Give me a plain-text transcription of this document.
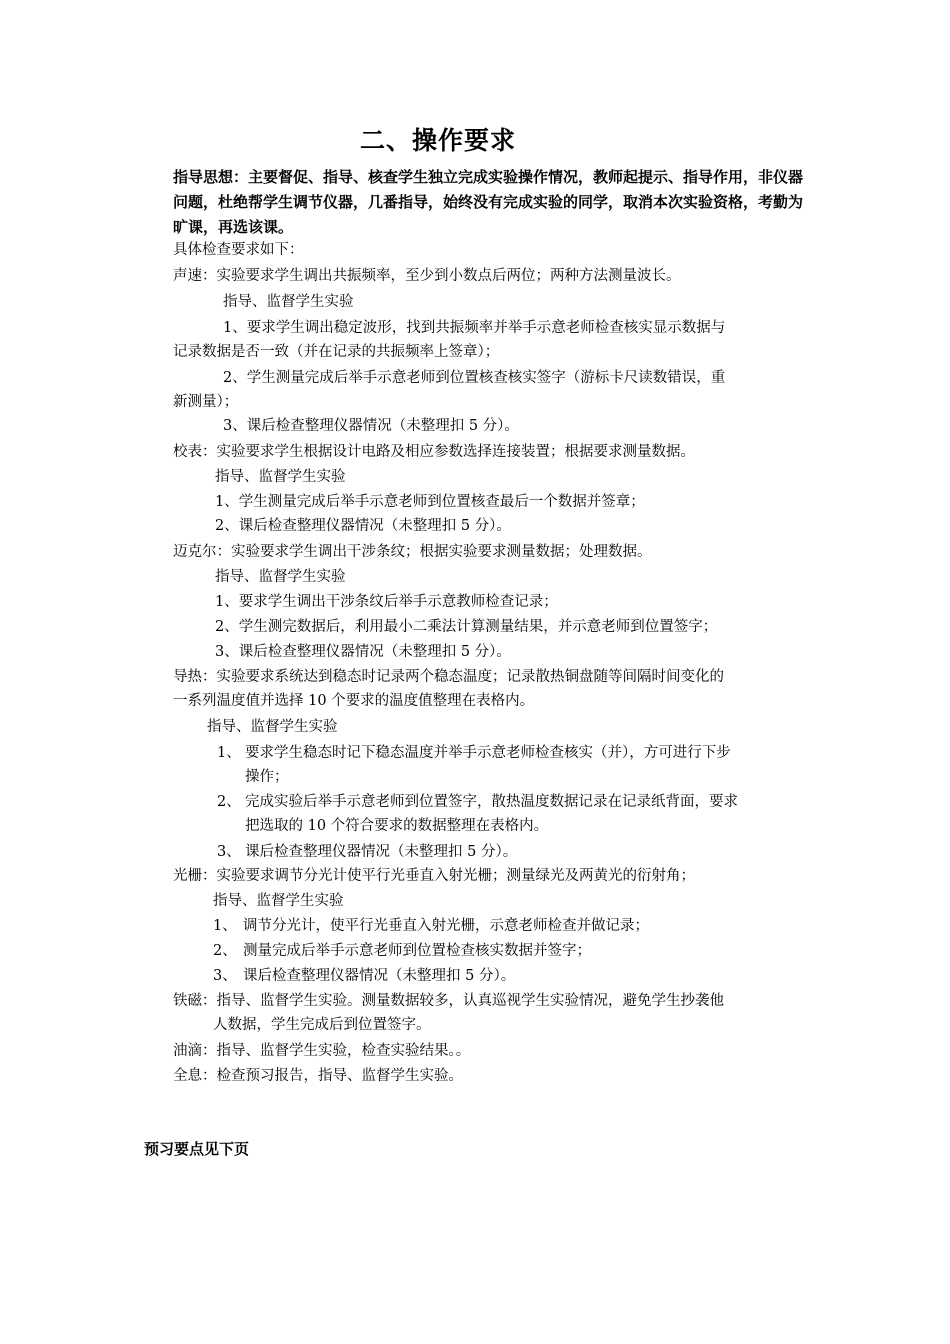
二、操作要求
指导思想：主要督促、指导、核查学生独立完成实验操作情况，教师起提示、指导作用，非仪器问题，杜绝帮学生调节仪器，几番指导，始终没有完成实验的同学，取消本次实验资格，考勤为旷课，再选该课。
具体检查要求如下：
声速：实验要求学生调出共振频率，至少到小数点后两位；两种方法测量波长。
指导、监督学生实验
1、要求学生调出稳定波形，找到共振频率并举手示意老师检查核实显示数据与
记录数据是否一致（并在记录的共振频率上签章）；
2、学生测量完成后举手示意老师到位置核查核实签字（游标卡尺读数错误，重
新测量）；
3、课后检查整理仪器情况（未整理扣 5 分）。
校表：实验要求学生根据设计电路及相应参数选择连接装置；根据要求测量数据。
指导、监督学生实验
1、学生测量完成后举手示意老师到位置核查最后一个数据并签章；
2、课后检查整理仪器情况（未整理扣 5 分）。
迈克尔：实验要求学生调出干涉条纹；根据实验要求测量数据；处理数据。
指导、监督学生实验
1、要求学生调出干涉条纹后举手示意教师检查记录；
2、学生测完数据后，利用最小二乘法计算测量结果，并示意老师到位置签字；
3、课后检查整理仪器情况（未整理扣 5 分）。
导热：实验要求系统达到稳态时记录两个稳态温度；记录散热铜盘随等间隔时间变化的
一系列温度值并选择 10 个要求的温度值整理在表格内。
指导、监督学生实验
1、 要求学生稳态时记下稳态温度并举手示意老师检查核实（并），方可进行下步
操作；
2、 完成实验后举手示意老师到位置签字，散热温度数据记录在记录纸背面，要求
把选取的 10 个符合要求的数据整理在表格内。
3、 课后检查整理仪器情况（未整理扣 5 分）。
光栅：实验要求调节分光计使平行光垂直入射光栅；测量绿光及两黄光的衍射角；
指导、监督学生实验
1、 调节分光计，使平行光垂直入射光栅，示意老师检查并做记录；
2、 测量完成后举手示意老师到位置检查核实数据并签字；
3、 课后检查整理仪器情况（未整理扣 5 分）。
铁磁：指导、监督学生实验。测量数据较多，认真巡视学生实验情况，避免学生抄袭他
人数据，学生完成后到位置签字。
油滴：指导、监督学生实验，检查实验结果。。
全息：检查预习报告，指导、监督学生实验。
预习要点见下页
